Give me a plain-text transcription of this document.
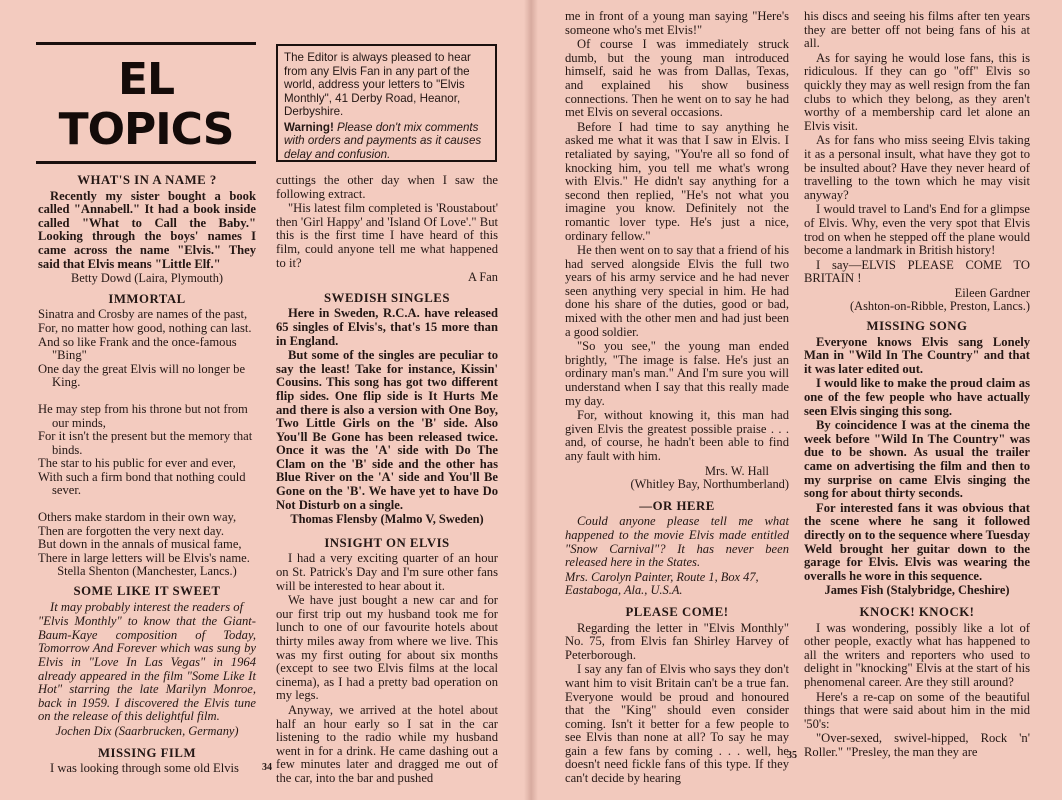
EL
TOPICS
The Editor is always pleased to hear from any Elvis Fan in any part of the world, address your letters to "Elvis Monthly", 41 Derby Road, Heanor, Derbyshire.
Warning! Please don't mix comments with orders and payments as it causes delay and confusion.
WHAT'S IN A NAME ?

Recently my sister bought a book called "Annabell." It had a book inside called "What to Call the Baby." Looking through the boys' names I came across the name "Elvis." They said that Elvis means "Little Elf."

Betty Dowd (Laira, Plymouth)
IMMORTAL
Sinatra and Crosby are names of the past,
For, no matter how good, nothing can last.
And so like Frank and the once-famous "Bing"
One day the great Elvis will no longer be King.
He may step from his throne but not from our minds,
For it isn't the present but the memory that binds.
The star to his public for ever and ever,
With such a firm bond that nothing could sever.
Others make stardom in their own way,
Then are forgotten the very next day.
But down in the annals of musical fame,
There in large letters will be Elvis's name.
Stella Shenton (Manchester, Lancs.)
SOME LIKE IT SWEET

It may probably interest the readers of

"Elvis Monthly" to know that the Giant-Baum-Kaye composition of Today, Tomorrow And Forever which was sung by Elvis in "Love In Las Vegas" in 1964 already appeared in the film "Some Like It Hot" starring the late Marilyn Monroe, back in 1959. I discovered the Elvis tune on the release of this delightful film.

Jochen Dix (Saarbrucken, Germany)
MISSING FILM

I was looking through some old Elvis

cuttings the other day when I saw the following extract.

"His latest film completed is 'Roustabout' then 'Girl Happy' and 'Island Of Love'." But this is the first time I have heard of this film, could anyone tell me what happened to it?

A Fan
SWEDISH SINGLES

Here in Sweden, R.C.A. have released 65 singles of Elvis's, that's 15 more than in England.

But some of the singles are peculiar to say the least! Take for instance, Kissin' Cousins. This song has got two different flip sides. One flip side is It Hurts Me and there is also a version with One Boy, Two Little Girls on the 'B' side. Also You'll Be Gone has been released twice. Once it was the 'A' side with Do The Clam on the 'B' side and the other has Blue River on the 'A' side and You'll Be Gone on the 'B'. We have yet to have Do Not Disturb on a single.

Thomas Flensby (Malmo V, Sweden)
INSIGHT ON ELVIS

I had a very exciting quarter of an hour on St. Patrick's Day and I'm sure other fans will be interested to hear about it.

We have just bought a new car and for our first trip out my husband took me for lunch to one of our favourite hotels about thirty miles away from where we live. This was my first outing for about six months (except to see two Elvis films at the local cinema), as I had a pretty bad operation on my legs.

Anyway, we arrived at the hotel about half an hour early so I sat in the car listening to the radio while my husband went in for a drink. He came dashing out a few minutes later and dragged me out of the car, into the bar and pushed

34

me in front of a young man saying "Here's someone who's met Elvis!"

Of course I was immediately struck dumb, but the young man introduced himself, said he was from Dallas, Texas, and explained his show business connections. Then he went on to say he had met Elvis on several occasions.

Before I had time to say anything he asked me what it was that I saw in Elvis. I retaliated by saying, "You're all so fond of knocking him, you tell me what's wrong with Elvis." He didn't say anything for a second then replied, "He's not what you imagine you know. Definitely not the romantic lover type. He's just a nice, ordinary fellow."

He then went on to say that a friend of his had served alongside Elvis the full two years of his army service and he had never seen anything very special in him. He had done his share of the duties, good or bad, mixed with the other men and had just been a good soldier.

"So you see," the young man ended brightly, "The image is false. He's just an ordinary man's man." And I'm sure you will understand when I say that this really made my day.

For, without knowing it, this man had given Elvis the greatest possible praise . . . and, of course, he hadn't been able to find any fault with him.

Mrs. W. Hall
(Whitley Bay, Northumberland)
—OR HERE

Could anyone please tell me what happened to the movie Elvis made entitled "Snow Carnival"? It has never been released here in the States.

Mrs. Carolyn Painter, Route 1, Box 47, Eastaboga, Ala., U.S.A.
PLEASE COME!

Regarding the letter in "Elvis Monthly" No. 75, from Elvis fan Shirley Harvey of Peterborough.

I say any fan of Elvis who says they don't want him to visit Britain can't be a true fan. Everyone would be proud and honoured that the "King" should even consider coming. Isn't it better for a few people to see Elvis than none at all? To say he may gain a few fans by coming . . . well, he doesn't need fickle fans of this type. If they can't decide by hearing

his discs and seeing his films after ten years they are better off not being fans of his at all.

As for saying he would lose fans, this is ridiculous. If they can go "off" Elvis so quickly they may as well resign from the fan clubs to which they belong, as they aren't worthy of a membership card let alone an Elvis visit.

As for fans who miss seeing Elvis taking it as a personal insult, what have they got to be insulted about? Have they never heard of travelling to the town which he may visit anyway?

I would travel to Land's End for a glimpse of Elvis. Why, even the very spot that Elvis trod on when he stepped off the plane would become a landmark in British history!

I say—ELVIS PLEASE COME TO BRITAIN !

Eileen Gardner
(Ashton-on-Ribble, Preston, Lancs.)
MISSING SONG

Everyone knows Elvis sang Lonely Man in "Wild In The Country" and that it was later edited out.

I would like to make the proud claim as one of the few people who have actually seen Elvis singing this song.

By coincidence I was at the cinema the week before "Wild In The Country" was due to be shown. As usual the trailer came on advertising the film and then to my surprise on came Elvis singing the song for about thirty seconds.

For interested fans it was obvious that the scene where he sang it followed directly on to the sequence where Tuesday Weld brought her guitar down to the garage for Elvis. Elvis was wearing the overalls he wore in this sequence.

James Fish (Stalybridge, Cheshire)
KNOCK! KNOCK!

I was wondering, possibly like a lot of other people, exactly what has happened to all the writers and reporters who used to delight in "knocking" Elvis at the start of his phenomenal career. Are they still around?

Here's a re-cap on some of the beautiful things that were said about him in the mid '50's:

"Over-sexed, swivel-hipped, Rock 'n' Roller." "Presley, the man they are

35
